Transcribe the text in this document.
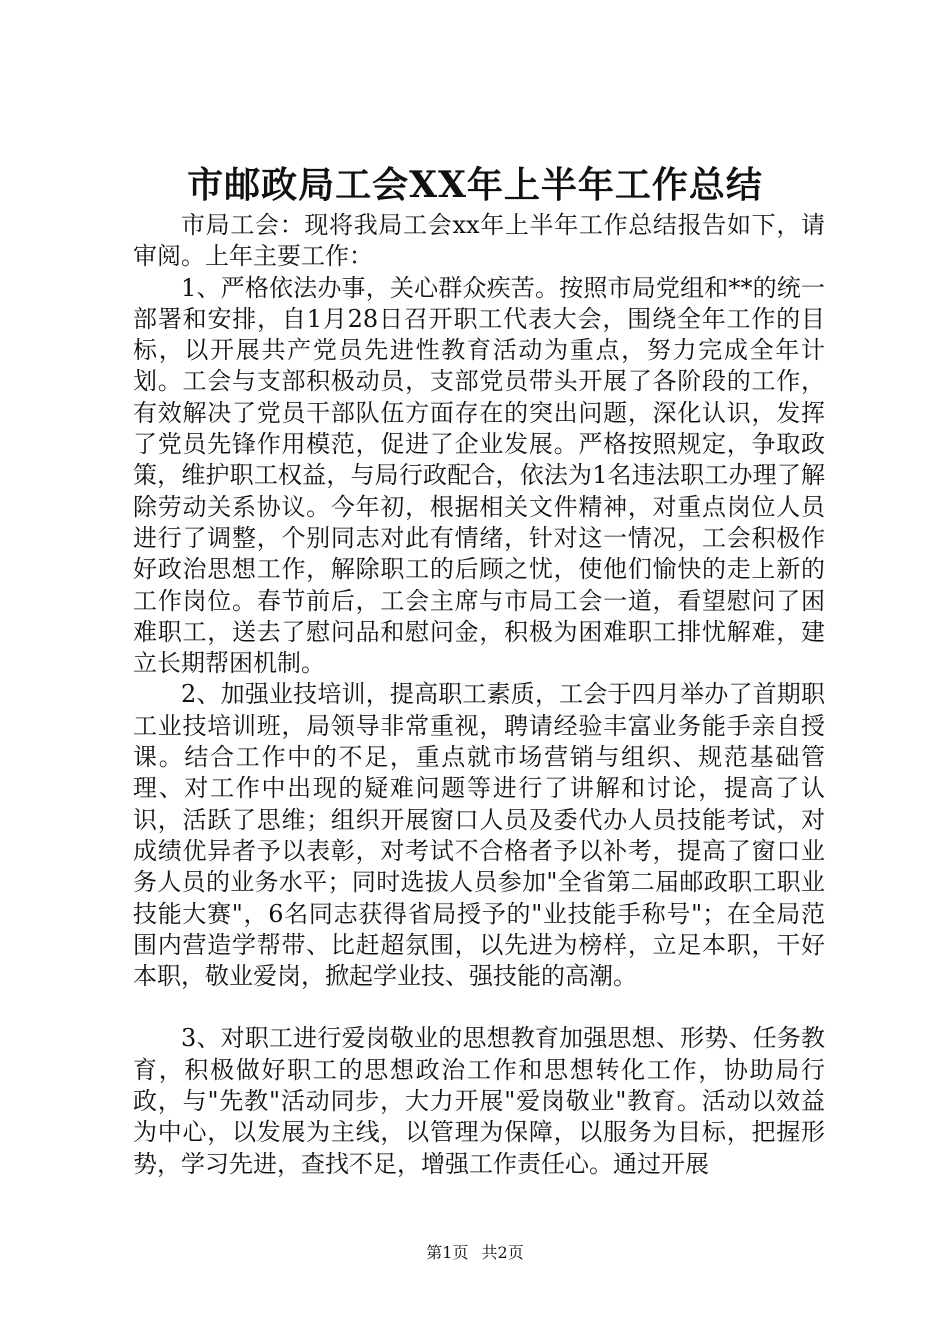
市邮政局工会XX年上半年工作总结

市局工会：现将我局工会xx年上半年工作总结报告如下，请审阅。上年主要工作：

1、严格依法办事，关心群众疾苦。按照市局党组和**的统一部署和安排，自1月28日召开职工代表大会，围绕全年工作的目标，以开展共产党员先进性教育活动为重点，努力完成全年计划。工会与支部积极动员，支部党员带头开展了各阶段的工作，有效解决了党员干部队伍方面存在的突出问题，深化认识，发挥了党员先锋作用模范，促进了企业发展。严格按照规定，争取政策，维护职工权益，与局行政配合，依法为1名违法职工办理了解除劳动关系协议。今年初，根据相关文件精神，对重点岗位人员进行了调整，个别同志对此有情绪，针对这一情况，工会积极作好政治思想工作，解除职工的后顾之忧，使他们愉快的走上新的工作岗位。春节前后，工会主席与市局工会一道，看望慰问了困难职工，送去了慰问品和慰问金，积极为困难职工排忧解难，建立长期帮困机制。

2、加强业技培训，提高职工素质，工会于四月举办了首期职工业技培训班，局领导非常重视，聘请经验丰富业务能手亲自授课。结合工作中的不足，重点就市场营销与组织、规范基础管理、对工作中出现的疑难问题等进行了讲解和讨论，提高了认识，活跃了思维；组织开展窗口人员及委代办人员技能考试，对成绩优异者予以表彰，对考试不合格者予以补考，提高了窗口业务人员的业务水平；同时选拔人员参加"全省第二届邮政职工职业技能大赛"，6名同志获得省局授予的"业技能手称号"；在全局范围内营造学帮带、比赶超氛围，以先进为榜样，立足本职，干好本职，敬业爱岗，掀起学业技、强技能的高潮。

3、对职工进行爱岗敬业的思想教育加强思想、形势、任务教育，积极做好职工的思想政治工作和思想转化工作，协助局行政，与"先教"活动同步，大力开展"爱岗敬业"教育。活动以效益为中心，以发展为主线，以管理为保障，以服务为目标，把握形势，学习先进，查找不足，增强工作责任心。通过开展

第1页 共2页
